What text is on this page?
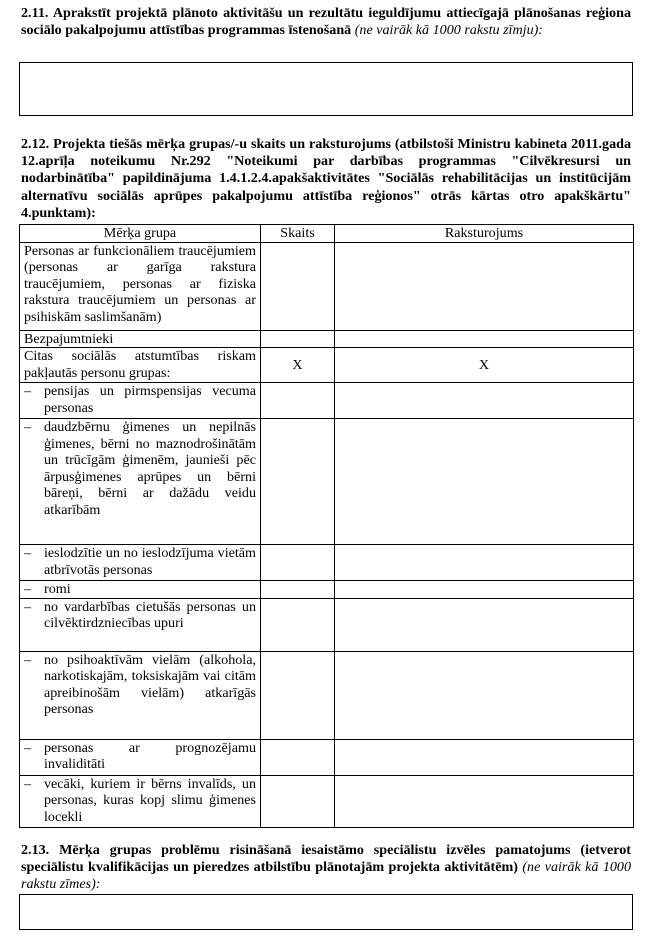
2.11. Aprakstīt projektā plānoto aktivitāšu un rezultātu ieguldījumu attiecīgajā plānošanas reģiona sociālo pakalpojumu attīstības programmas īstenošanā (ne vairāk kā 1000 rakstu zīmju):
2.12. Projekta tiešās mērķa grupas/-u skaits un raksturojums (atbilstoši Ministru kabineta 2011.gada 12.aprīļa noteikumu Nr.292 "Noteikumi par darbības programmas "Cilvēkresursi un nodarbinātība" papildinājuma 1.4.1.2.4.apakšaktivitātes "Sociālās rehabilitācijas un institūcijām alternatīvu sociālās aprūpes pakalpojumu attīstība reģionos" otrās kārtas otro apakškārtu" 4.punktam):
Mērķa grupa	Skaits	Raksturojums
Personas ar funkcionāliem traucējumiem (personas ar garīga rakstura traucējumiem, personas ar fiziska rakstura traucējumiem un personas ar psihiskām saslimšanām)		
Bezpajumtnieki		
Citas sociālās atstumtības riskam pakļautās personu grupas:	X	X

– pensijas un pirmspensijas vecuma personas		

– daudzbērnu ģimenes un nepilnās ģimenes, bērni no maznodrošinātām un trūcīgām ģimenēm, jaunieši pēc ārpusģimenes aprūpes un bērni bāreņi, bērni ar dažādu veidu atkarībām		

– ieslodzītie un no ieslodzījuma vietām atbrīvotās personas		

– romi		

– no vardarbības cietušās personas un cilvēktirdzniecības upuri		

– no psihoaktīvām vielām (alkohola, narkotiskajām, toksiskajām vai citām apreibinošām vielām) atkarīgās personas		

– personas ar prognozējamu invaliditāti		

– vecāki, kuriem ir bērns invalīds, un personas, kuras kopj slimu ģimenes locekli		

2.13. Mērķa grupas problēmu risināšanā iesaistāmo speciālistu izvēles pamatojums (ietverot speciālistu kvalifikācijas un pieredzes atbilstību plānotajām projekta aktivitātēm) (ne vairāk kā 1000 rakstu zīmes):
